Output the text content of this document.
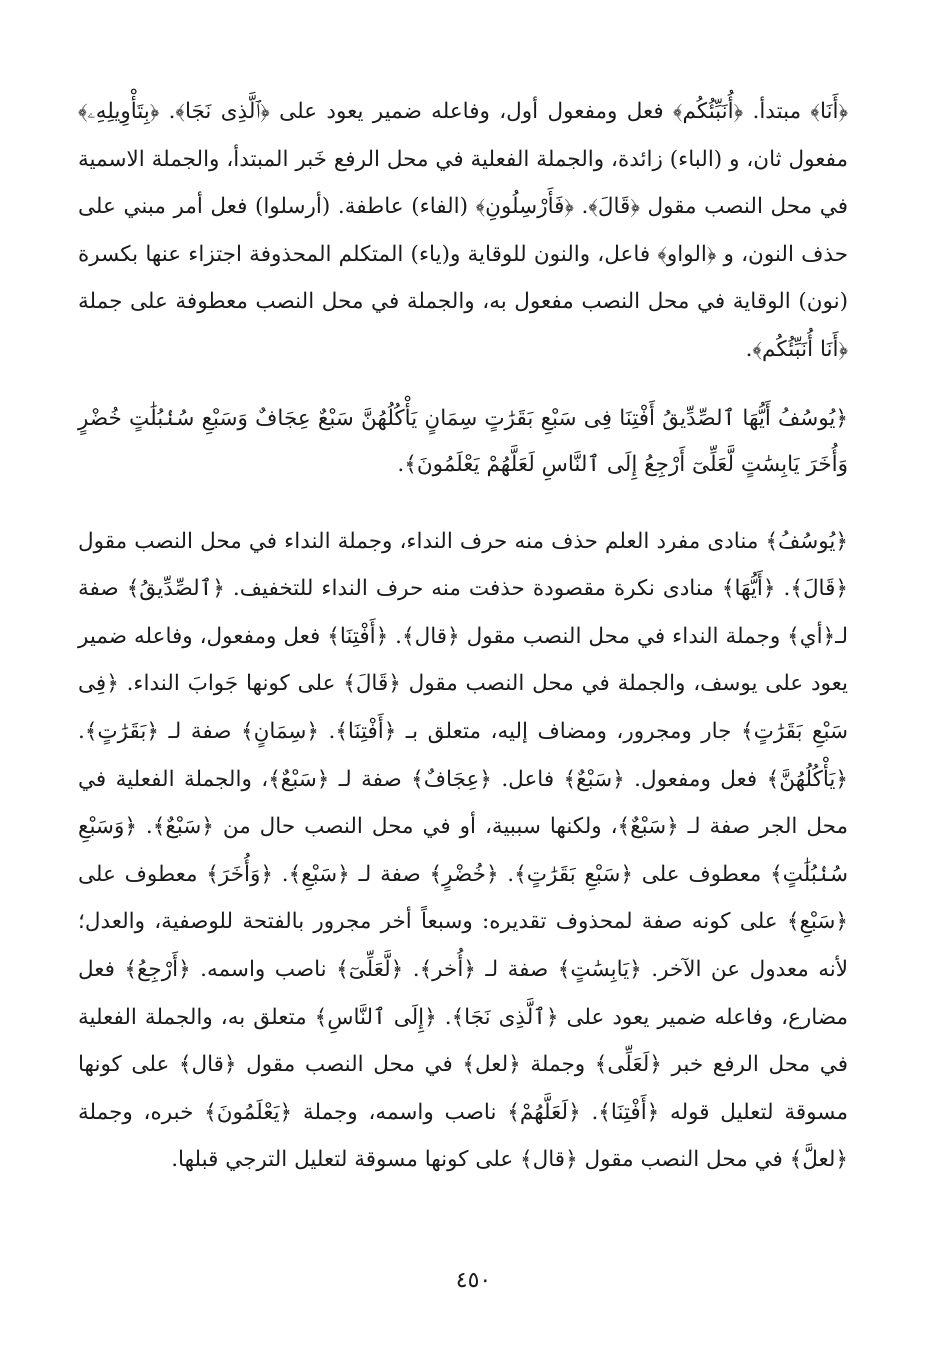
﴿أَنَا﴾ مبتدأ. ﴿أُنَبِّئُكُم﴾ فعل ومفعول أول، وفاعله ضمير يعود على ﴿ٱلَّذِى نَجَا﴾. ﴿بِتَأْوِيلِهِۦ﴾ مفعول ثان، و (الباء) زائدة، والجملة الفعلية في محل الرفع خَبر المبتدأ، والجملة الاسمية في محل النصب مقول ﴿قَالَ﴾. ﴿فَأَرْسِلُونِ﴾ (الفاء) عاطفة. (أرسلوا) فعل أمر مبني على حذف النون، و ﴿الواو﴾ فاعل، والنون للوقاية و(ياء) المتكلم المحذوفة اجتزاء عنها بكسرة (نون) الوقاية في محل النصب مفعول به، والجملة في محل النصب معطوفة على جملة ﴿أَنَا أُنَبِّئُكُم﴾.

﴿يُوسُفُ أَيُّهَا ٱلصِّدِّيقُ أَفْتِنَا فِى سَبْعِ بَقَرَٰتٍ سِمَانٍ يَأْكُلُهُنَّ سَبْعٌ عِجَافٌ وَسَبْعِ سُنۢبُلَٰتٍ خُضْرٍ وَأُخَرَ يَابِسَٰتٍ لَّعَلِّىٓ أَرْجِعُ إِلَى ٱلنَّاسِ لَعَلَّهُمْ يَعْلَمُونَ﴾.

﴿يُوسُفُ﴾ منادى مفرد العلم حذف منه حرف النداء، وجملة النداء في محل النصب مقول ﴿قَالَ﴾. ﴿أَيُّهَا﴾ منادى نكرة مقصودة حذفت منه حرف النداء للتخفيف. ﴿ٱلصِّدِّيقُ﴾ صفة لـ﴿أي﴾ وجملة النداء في محل النصب مقول ﴿قال﴾. ﴿أَفْتِنَا﴾ فعل ومفعول، وفاعله ضمير يعود على يوسف، والجملة في محل النصب مقول ﴿قَالَ﴾ على كونها جَوابَ النداء. ﴿فِى سَبْعِ بَقَرَٰتٍ﴾ جار ومجرور، ومضاف إليه، متعلق بـ ﴿أَفْتِنَا﴾. ﴿سِمَانٍ﴾ صفة لـ ﴿بَقَرَٰتٍ﴾. ﴿يَأْكُلُهُنَّ﴾ فعل ومفعول. ﴿سَبْعٌ﴾ فاعل. ﴿عِجَافٌ﴾ صفة لـ ﴿سَبْعٌ﴾، والجملة الفعلية في محل الجر صفة لـ ﴿سَبْعٌ﴾، ولكنها سببية، أو في محل النصب حال من ﴿سَبْعٌ﴾. ﴿وَسَبْعِ سُنۢبُلَٰتٍ﴾ معطوف على ﴿سَبْعِ بَقَرَٰتٍ﴾. ﴿خُضْرٍ﴾ صفة لـ ﴿سَبْعِ﴾. ﴿وَأُخَرَ﴾ معطوف على ﴿سَبْعِ﴾ على كونه صفة لمحذوف تقديره: وسبعاً أخر مجرور بالفتحة للوصفية، والعدل؛ لأنه معدول عن الآخر. ﴿يَابِسَٰتٍ﴾ صفة لـ ﴿أُخر﴾. ﴿لَّعَلِّىٓ﴾ ناصب واسمه. ﴿أَرْجِعُ﴾ فعل مضارع، وفاعله ضمير يعود على ﴿ٱلَّذِى نَجَا﴾. ﴿إِلَى ٱلنَّاسِ﴾ متعلق به، والجملة الفعلية في محل الرفع خبر ﴿لَعَلِّى﴾ وجملة ﴿لعل﴾ في محل النصب مقول ﴿قال﴾ على كونها مسوقة لتعليل قوله ﴿أَفْتِنَا﴾. ﴿لَعَلَّهُمْ﴾ ناصب واسمه، وجملة ﴿يَعْلَمُونَ﴾ خبره، وجملة ﴿لعلَّ﴾ في محل النصب مقول ﴿قال﴾ على كونها مسوقة لتعليل الترجي قبلها.

٤٥٠
